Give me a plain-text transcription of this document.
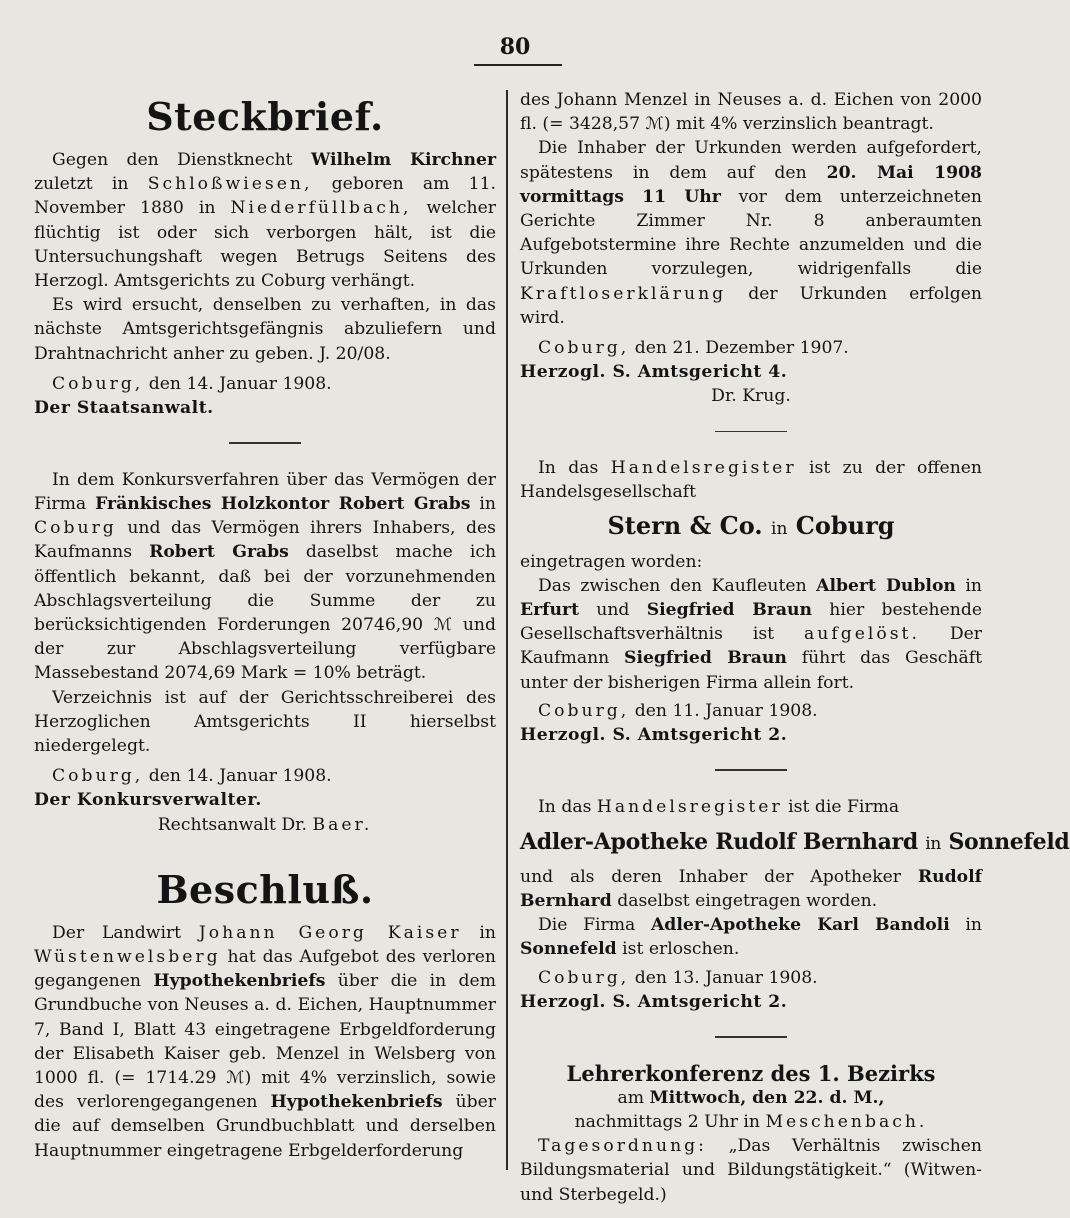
80
Steckbrief.

Gegen den Dienstknecht Wilhelm Kirchner zuletzt in Schloßwiesen, geboren am 11. November 1880 in Niederfüllbach, welcher flüchtig ist oder sich verborgen hält, ist die Untersuchungshaft wegen Betrugs Seitens des Herzogl. Amtsgerichts zu Coburg verhängt.

Es wird ersucht, denselben zu verhaften, in das nächste Amtsgerichtsgefängnis abzuliefern und Drahtnachricht anher zu geben. J. 20/08.

Coburg, den 14. Januar 1908.

Der Staatsanwalt.

In dem Konkursverfahren über das Vermögen der Firma Fränkisches Holzkontor Robert Grabs in Coburg und das Vermögen ihrers Inhabers, des Kaufmanns Robert Grabs daselbst mache ich öffentlich bekannt, daß bei der vorzunehmenden Abschlagsverteilung die Summe der zu berücksichtigenden Forderungen 20746,90 ℳ und der zur Abschlagsverteilung verfügbare Massebestand 2074,69 Mark = 10% beträgt.

Verzeichnis ist auf der Gerichtsschreiberei des Herzoglichen Amtsgerichts II hierselbst niedergelegt.

Coburg, den 14. Januar 1908.

Der Konkursverwalter.

Rechtsanwalt Dr. Baer.

Beschluß.

Der Landwirt Johann Georg Kaiser in Wüstenwelsberg hat das Aufgebot des verloren gegangenen Hypothekenbriefs über die in dem Grundbuche von Neuses a. d. Eichen, Hauptnummer 7, Band I, Blatt 43 eingetragene Erbgeldforderung der Elisabeth Kaiser geb. Menzel in Welsberg von 1000 fl. (= 1714.29 ℳ) mit 4% verzinslich, sowie des verlorengegangenen Hypothekenbriefs über die auf demselben Grundbuchblatt und derselben Hauptnummer eingetragene Erbgelderforderung

des Johann Menzel in Neuses a. d. Eichen von 2000 fl. (= 3428,57 ℳ) mit 4% verzinslich beantragt.

Die Inhaber der Urkunden werden aufgefordert, spätestens in dem auf den 20. Mai 1908 vormittags 11 Uhr vor dem unterzeichneten Gerichte Zimmer Nr. 8 anberaumten Aufgebotstermine ihre Rechte anzumelden und die Urkunden vorzulegen, widrigenfalls die Kraftloserklärung der Urkunden erfolgen wird.

Coburg, den 21. Dezember 1907.

Herzogl. S. Amtsgericht 4.

Dr. Krug.

In das Handelsregister ist zu der offenen Handelsgesellschaft

Stern & Co. in Coburg

eingetragen worden:

Das zwischen den Kaufleuten Albert Dublon in Erfurt und Siegfried Braun hier bestehende Gesellschaftsverhältnis ist aufgelöst. Der Kaufmann Siegfried Braun führt das Geschäft unter der bisherigen Firma allein fort.

Coburg, den 11. Januar 1908.

Herzogl. S. Amtsgericht 2.

In das Handelsregister ist die Firma

Adler-Apotheke Rudolf Bernhard in Sonnefeld

und als deren Inhaber der Apotheker Rudolf Bernhard daselbst eingetragen worden.

Die Firma Adler-Apotheke Karl Bandoli in Sonnefeld ist erloschen.

Coburg, den 13. Januar 1908.

Herzogl. S. Amtsgericht 2.

Lehrerkonferenz des 1. Bezirks

am Mittwoch, den 22. d. M.,

nachmittags 2 Uhr in Meschenbach.

Tagesordnung: „Das Verhältnis zwischen Bildungsmaterial und Bildungstätigkeit.“ (Witwen- und Sterbegeld.)
